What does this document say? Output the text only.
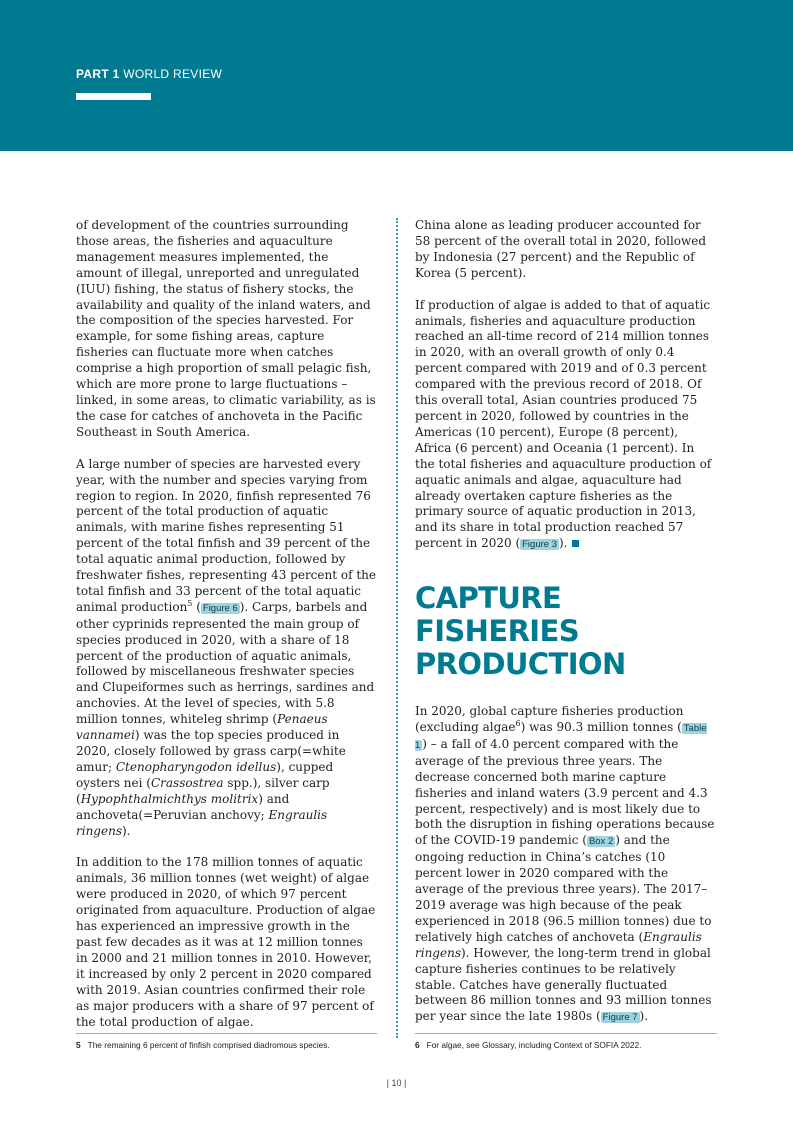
PART 1 WORLD REVIEW

of development of the countries surrounding those areas, the fisheries and aquaculture management measures implemented, the amount of illegal, unreported and unregulated (IUU) fishing, the status of fishery stocks, the availability and quality of the inland waters, and the composition of the species harvested. For example, for some fishing areas, capture fisheries can fluctuate more when catches comprise a high proportion of small pelagic fish, which are more prone to large fluctuations – linked, in some areas, to climatic variability, as is the case for catches of anchoveta in the Pacific Southeast in South America.

A large number of species are harvested every year, with the number and species varying from region to region. In 2020, finfish represented 76 percent of the total production of aquatic animals, with marine fishes representing 51 percent of the total finfish and 39 percent of the total aquatic animal production, followed by freshwater fishes, representing 43 percent of the total finfish and 33 percent of the total aquatic animal production$^5$ ( Figure 6 ). Carps, barbels and other cyprinids represented the main group of species produced in 2020, with a share of 18 percent of the production of aquatic animals, followed by miscellaneous freshwater species and Clupeiformes such as herrings, sardines and anchovies. At the level of species, with 5.8 million tonnes, whiteleg shrimp (Penaeus vannamei) was the top species produced in 2020, closely followed by grass carp(=white amur; Ctenopharyngodon idellus), cupped oysters nei (Crassostrea spp.), silver carp (Hypophthalmichthys molitrix) and anchoveta(=Peruvian anchovy; Engraulis ringens).

In addition to the 178 million tonnes of aquatic animals, 36 million tonnes (wet weight) of algae were produced in 2020, of which 97 percent originated from aquaculture. Production of algae has experienced an impressive growth in the past few decades as it was at 12 million tonnes in 2000 and 21 million tonnes in 2010. However, it increased by only 2 percent in 2020 compared with 2019. Asian countries confirmed their role as major producers with a share of 97 percent of the total production of algae.

China alone as leading producer accounted for 58 percent of the overall total in 2020, followed by Indonesia (27 percent) and the Republic of Korea (5 percent).

If production of algae is added to that of aquatic animals, fisheries and aquaculture production reached an all-time record of 214 million tonnes in 2020, with an overall growth of only 0.4 percent compared with 2019 and of 0.3 percent compared with the previous record of 2018. Of this overall total, Asian countries produced 75 percent in 2020, followed by countries in the Americas (10 percent), Europe (8 percent), Africa (6 percent) and Oceania (1 percent). In the total fisheries and aquaculture production of aquatic animals and algae, aquaculture had already overtaken capture fisheries as the primary source of aquatic production in 2013, and its share in total production reached 57 percent in 2020 ( Figure 3 ).

CAPTURE FISHERIES PRODUCTION

In 2020, global capture fisheries production (excluding algae$^6$) was 90.3 million tonnes ( Table 1 ) – a fall of 4.0 percent compared with the average of the previous three years. The decrease concerned both marine capture fisheries and inland waters (3.9 percent and 4.3 percent, respectively) and is most likely due to both the disruption in fishing operations because of the COVID-19 pandemic ( Box 2 ) and the ongoing reduction in China’s catches (10 percent lower in 2020 compared with the average of the previous three years). The 2017–2019 average was high because of the peak experienced in 2018 (96.5 million tonnes) due to relatively high catches of anchoveta (Engraulis ringens). However, the long-term trend in global capture fisheries continues to be relatively stable. Catches have generally fluctuated between 86 million tonnes and 93 million tonnes per year since the late 1980s ( Figure 7 ).

5 The remaining 6 percent of finfish comprised diadromous species.	6 For algae, see Glossary, including Context of SOFIA 2022.
| 10 |
